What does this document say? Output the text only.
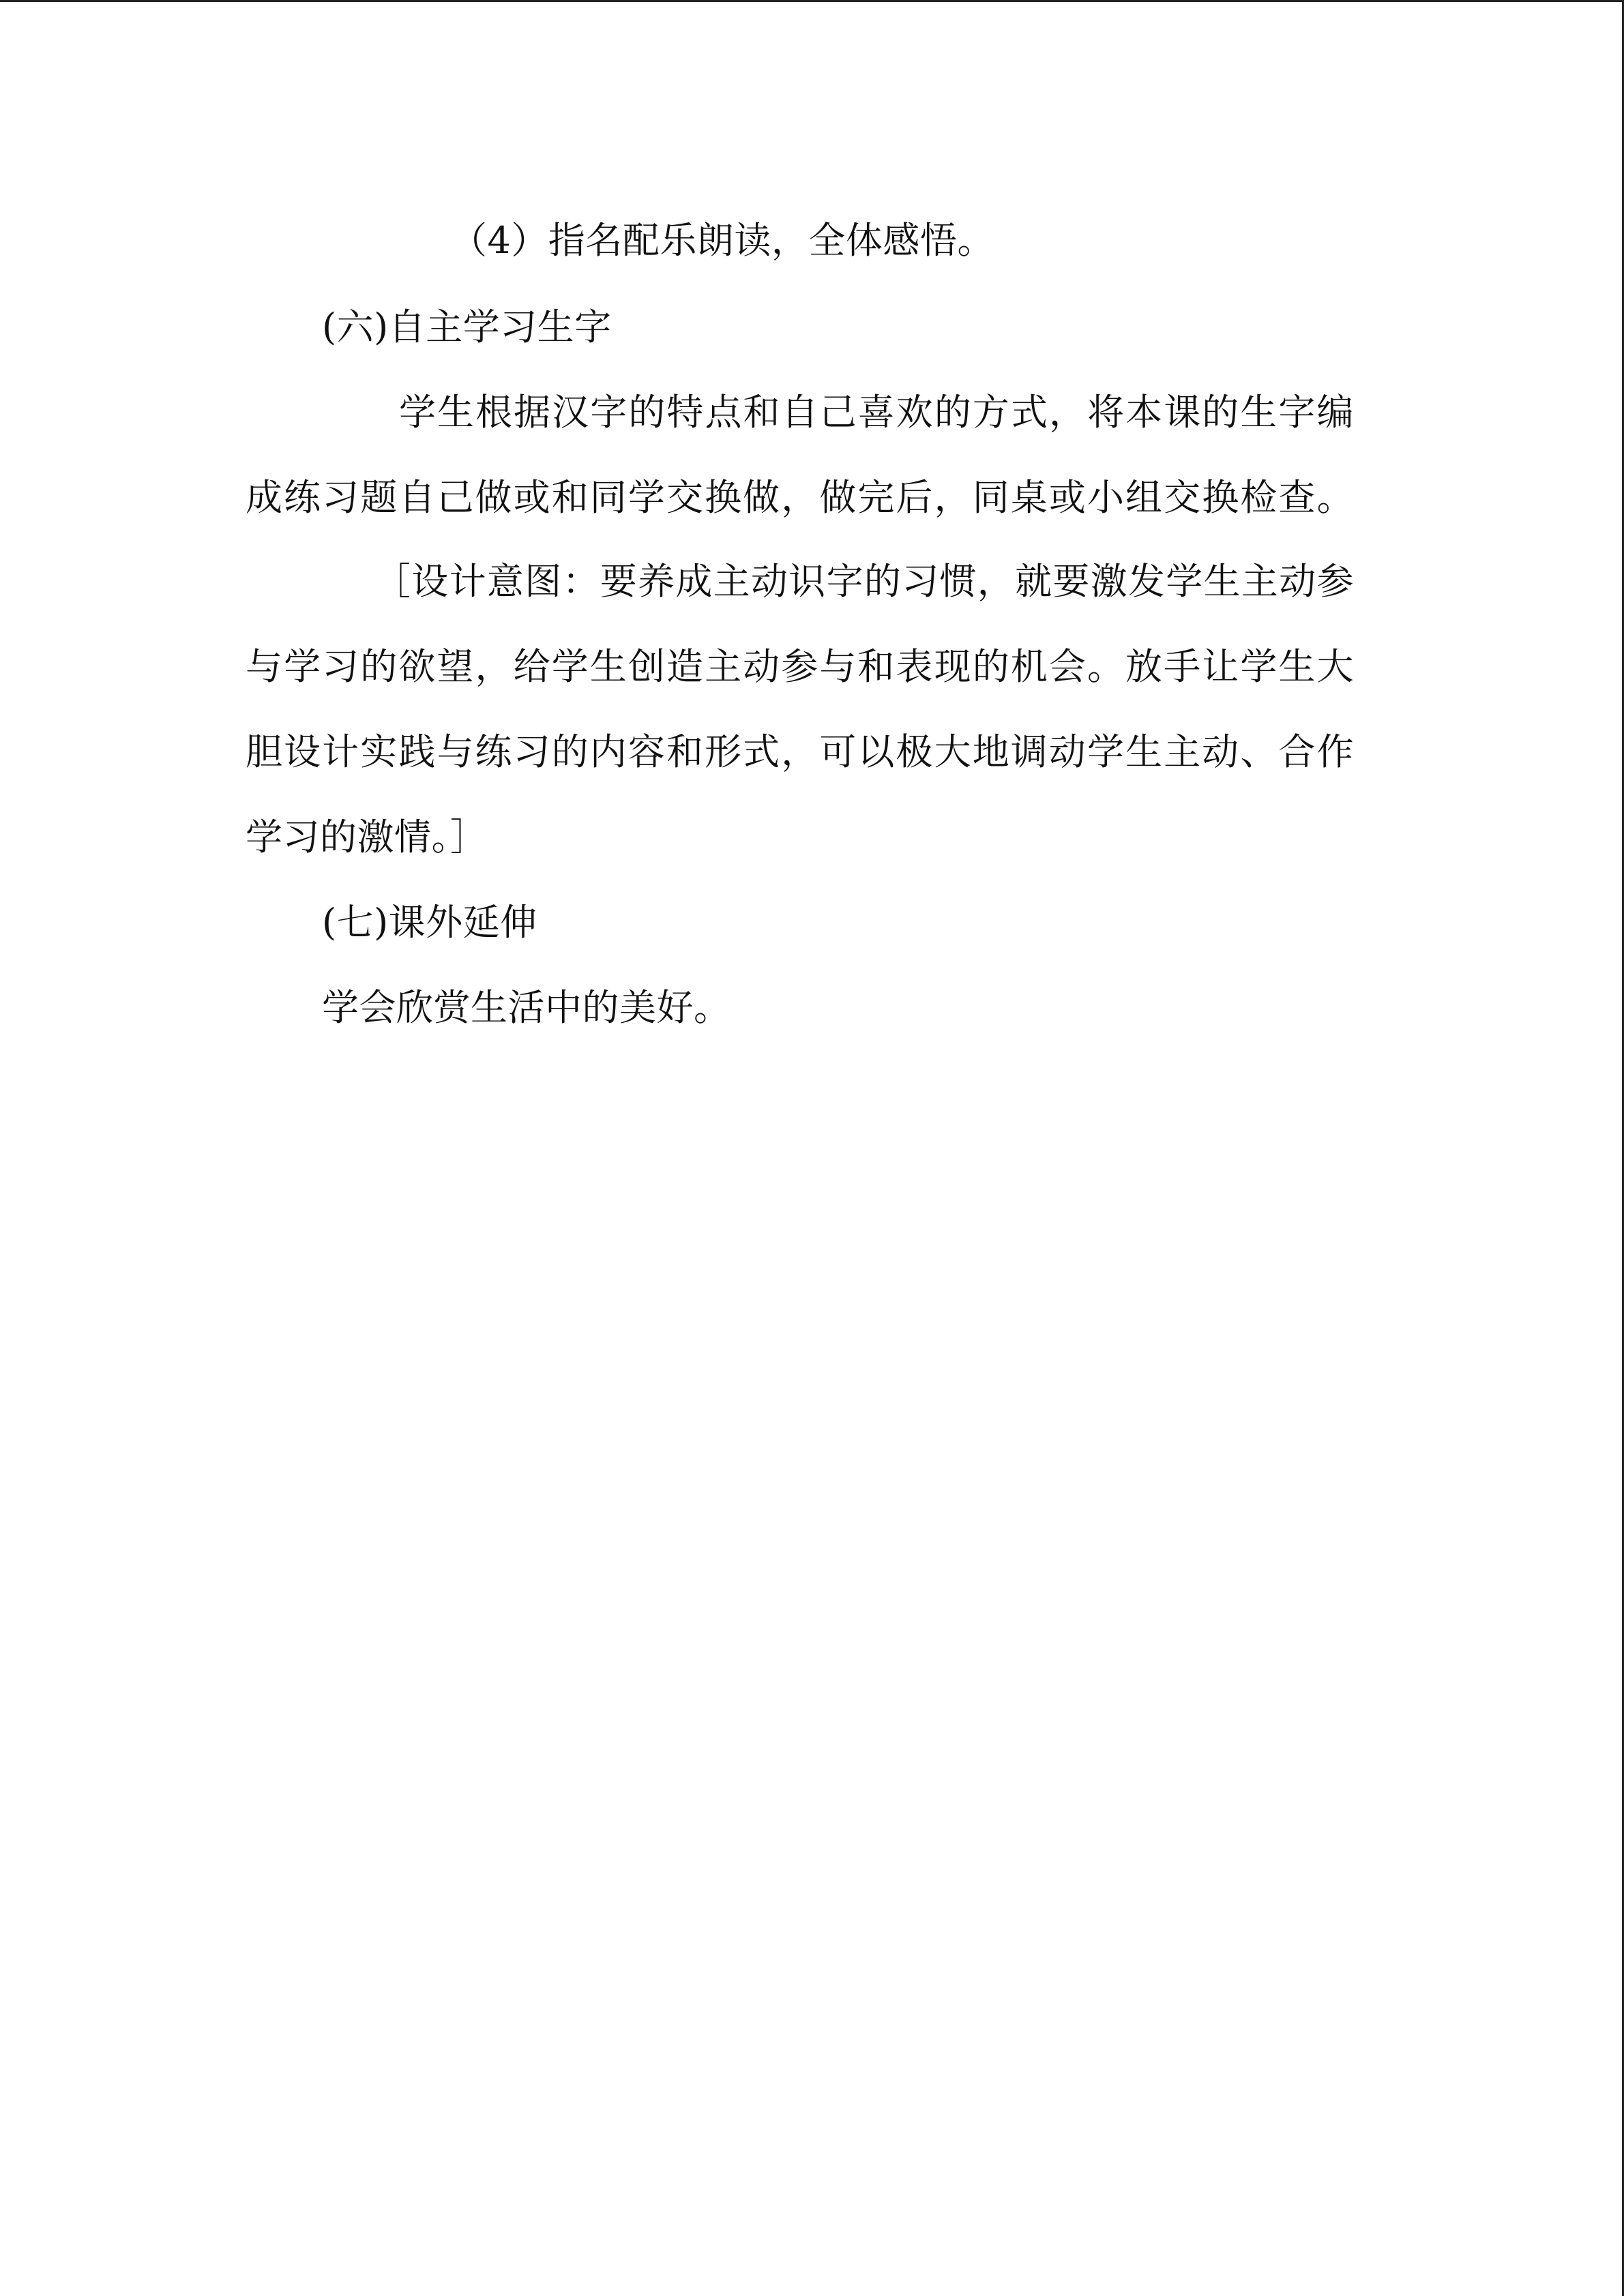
（4）指名配乐朗读，全体感悟。
(六)自主学习生字
学生根据汉字的特点和自己喜欢的方式，将本课的生字编
成练习题自己做或和同学交换做，做完后，同桌或小组交换检查。
［设计意图：要养成主动识字的习惯，就要激发学生主动参
与学习的欲望，给学生创造主动参与和表现的机会。放手让学生大
胆设计实践与练习的内容和形式，可以极大地调动学生主动、合作
学习的激情。］
(七)课外延伸
学会欣赏生活中的美好。
